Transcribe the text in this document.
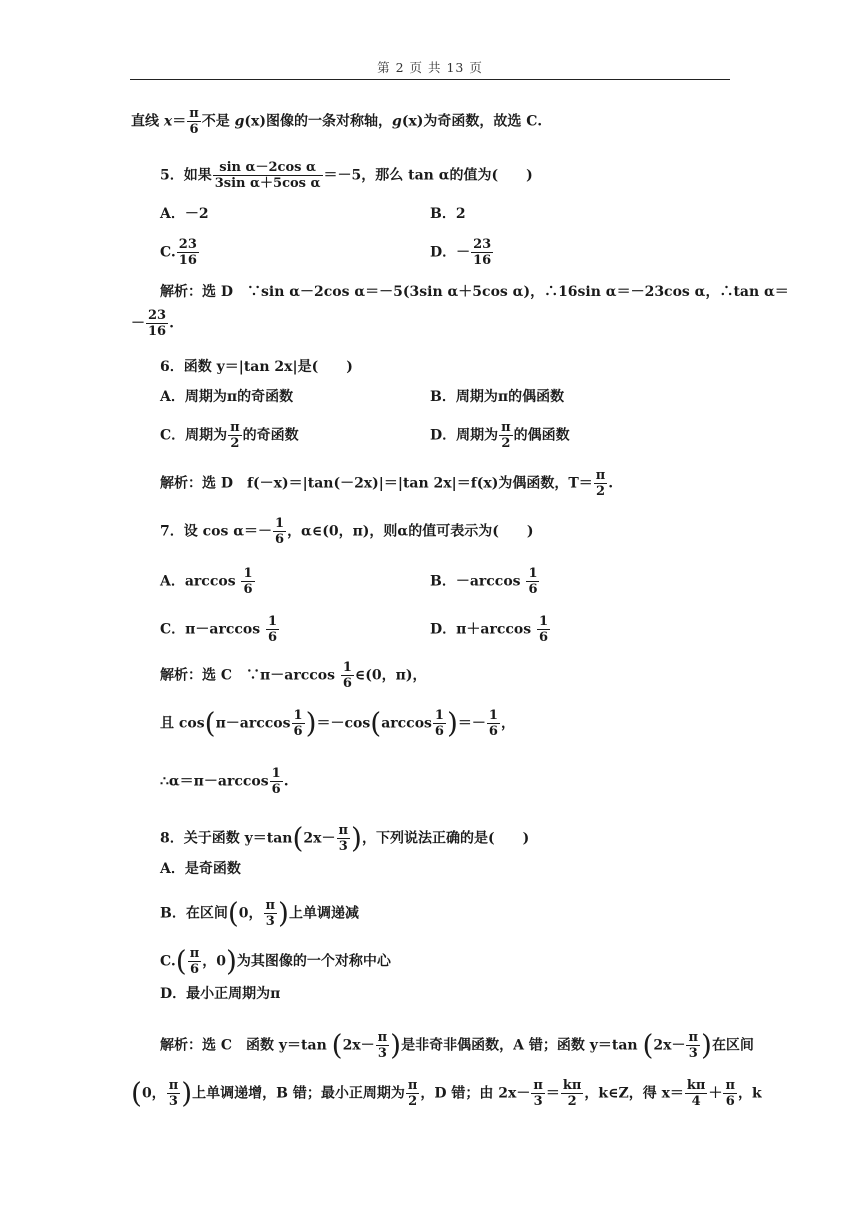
第 2 页 共 13 页
直线 $x= \frac{\pi}{6}$ 不是 g(x)图像的一条对称轴，g(x)为奇函数，故选 C.
5．如果 $\frac{\text{sin α－2cos α}}{\text{3sin α＋5cos α}} =-5$，那么 tan α的值为(　　)
A．－2	B．2
C. $\frac{23}{16}$	D．－ $\frac{23}{16}$
解析：选 D　∵sin α－2cos α＝－5(3sin α＋5cos α)，∴16sin α＝－23cos α，∴tan α＝
－ $\frac{23}{16}$ .
6．函数 y＝|tan 2x|是(　　)
A．周期为π的奇函数	B．周期为π的偶函数
C．周期为 $\frac{\pi}{2}$ 的奇函数	D．周期为 $\frac{\pi}{2}$ 的偶函数
解析：选 D　f(－x)＝|tan(－2x)|＝|tan 2x|＝f(x)为偶函数，$T= \frac{\pi}{2}$ .
7．设 $\cos \alpha=- \frac{1}{6}$ ，α∈(0，π)，则α的值可表示为(　　)
A．$\arccos \frac{1}{6}$	B．$-\arccos \frac{1}{6}$
C．$\pi-\arccos \frac{1}{6}$	D．$\pi+\arccos \frac{1}{6}$
解析：选 C　∵π－arccos $\frac{1}{6}$ ∈(0，π)，
且 $\cos(\pi-\arccos \frac{1}{6} )=-\cos(\arccos \frac{1}{6}$ )＝－ $\frac{1}{6}$ ，
∴α＝π－arccos $\frac{1}{6}$ .
8．关于函数 $y=\tan(2x- \frac{\pi}{3}$ )，下列说法正确的是(　　)
A．是奇函数
B．在区间(0， $\frac{\pi}{3}$ )上单调递减
$C.( \frac{\pi}{6}$ ，0)为其图像的一个对称中心
D．最小正周期为π
解析：选 C　函数 y＝tan ($2x- \frac{\pi}{3}$ )是非奇非偶函数，A 错；函数 y＝tan ($2x- \frac{\pi}{3}$ )在区间
(0， $\frac{\pi}{3}$ )上单调递增，B 错；最小正周期为 $\frac{\pi}{2}$ ，D 错；由 $2x- \frac{\pi}{3} = \frac{k\pi}{2}$ ，k∈Z，得 $x= \frac{k\pi}{4} + \frac{\pi}{6}$ ，k
